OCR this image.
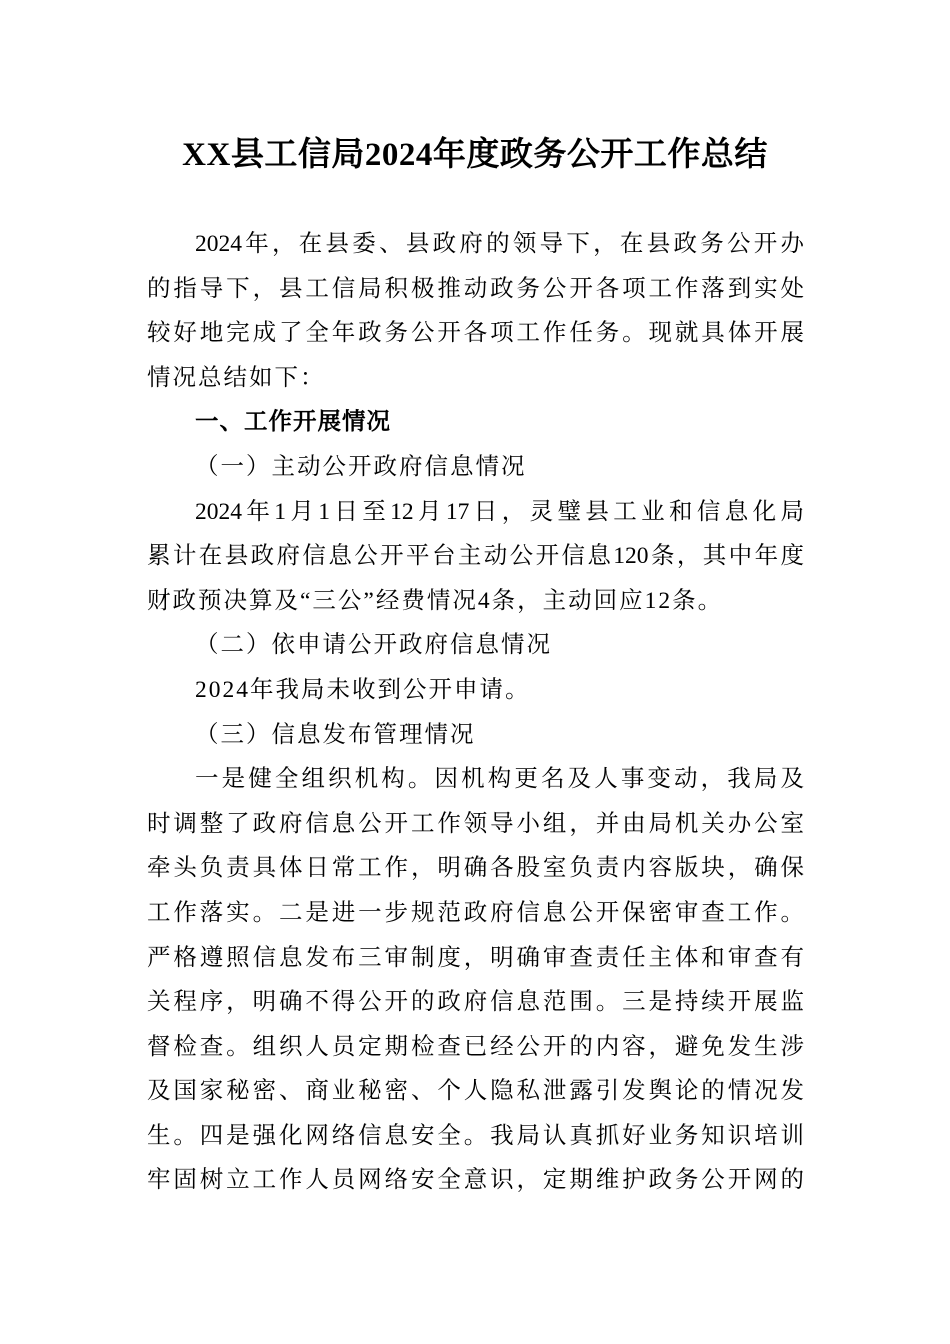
XX县工信局2024年度政务公开工作总结
2024年，在县委、县政府的领导下，在县政务公开办
的指导下，县工信局积极推动政务公开各项工作落到实处
较好地完成了全年政务公开各项工作任务。现就具体开展
情况总结如下：
一、工作开展情况
（一）主动公开政府信息情况
2024年1月1日至12月17日，灵璧县工业和信息化局
累计在县政府信息公开平台主动公开信息120条，其中年度
财政预决算及“三公”经费情况4条，主动回应12条。
（二）依申请公开政府信息情况
2024年我局未收到公开申请。
（三）信息发布管理情况
一是健全组织机构。因机构更名及人事变动，我局及
时调整了政府信息公开工作领导小组，并由局机关办公室
牵头负责具体日常工作，明确各股室负责内容版块，确保
工作落实。二是进一步规范政府信息公开保密审查工作。
严格遵照信息发布三审制度，明确审查责任主体和审查有
关程序，明确不得公开的政府信息范围。三是持续开展监
督检查。组织人员定期检查已经公开的内容，避免发生涉
及国家秘密、商业秘密、个人隐私泄露引发舆论的情况发
生。四是强化网络信息安全。我局认真抓好业务知识培训
牢固树立工作人员网络安全意识，定期维护政务公开网的
